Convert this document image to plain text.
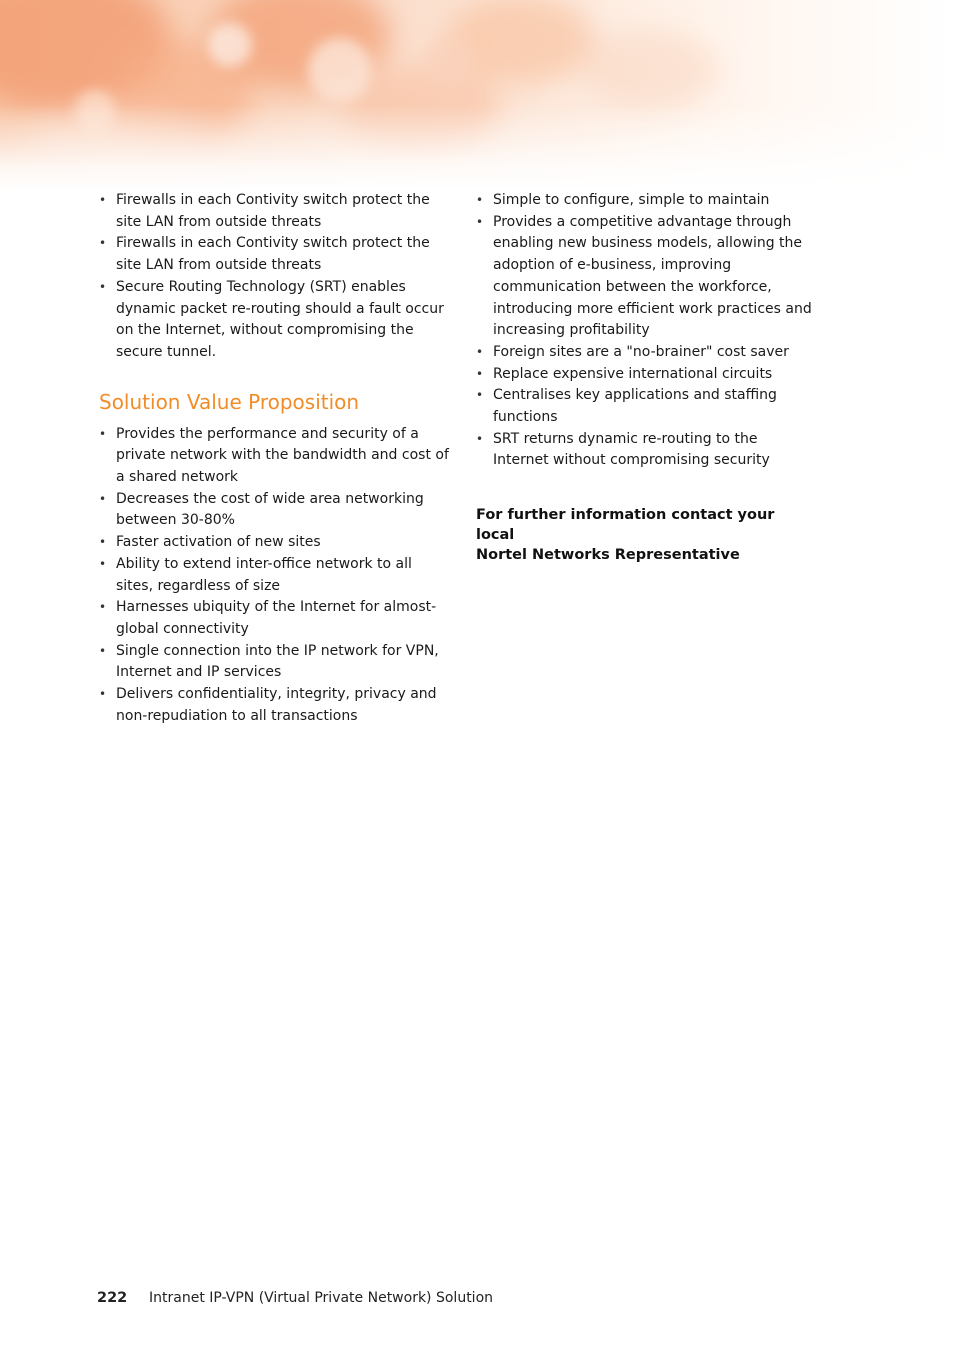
• Firewalls in each Contivity switch protect the site LAN from outside threats
• Firewalls in each Contivity switch protect the site LAN from outside threats
• Secure Routing Technology (SRT) enables dynamic packet re-routing should a fault occur on the Internet, without compromising the secure tunnel.
Solution Value Proposition
• Provides the performance and security of a private network with the bandwidth and cost of a shared network
• Decreases the cost of wide area networking between 30-80%
• Faster activation of new sites
• Ability to extend inter-office network to all sites, regardless of size
• Harnesses ubiquity of the Internet for almost-global connectivity
• Single connection into the IP network for VPN, Internet and IP services
• Delivers confidentiality, integrity, privacy and non-repudiation to all transactions
• Simple to configure, simple to maintain
• Provides a competitive advantage through enabling new business models, allowing the adoption of e-business, improving communication between the workforce, introducing more efficient work practices and increasing profitability
• Foreign sites are a "no-brainer" cost saver
• Replace expensive international circuits
• Centralises key applications and staffing functions
• SRT returns dynamic re-routing to the Internet without compromising security
For further information contact your local
Nortel Networks Representative
222 Intranet IP-VPN (Virtual Private Network) Solution
